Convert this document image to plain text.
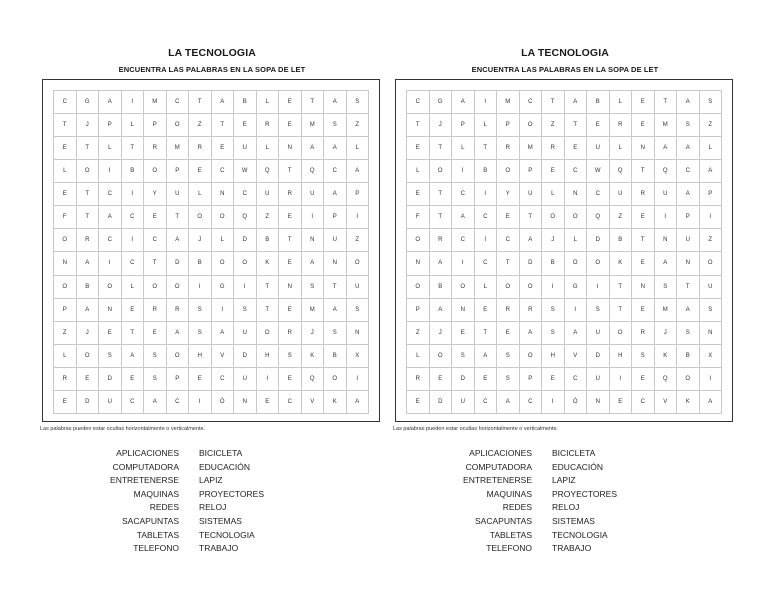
LA TECNOLOGIA
ENCUENTRA LAS PALABRAS EN LA SOPA DE LET
C	G	A	I	M	C	T	A	B	L	E	T	A	S
T	J	P	L	P	O	Z	T	E	R	E	M	S	Z
E	T	L	T	R	M	R	E	U	L	N	A	A	L
L	O	I	B	O	P	E	C	W	Q	T	Q	C	A
E	T	C	I	Y	U	L	N	C	U	R	U	A	P
F	T	A	C	E	T	O	O	Q	Z	E	I	P	I
O	R	C	I	C	A	J	L	D	B	T	N	U	Z
N	A	I	C	T	D	B	O	O	K	E	A	N	O
O	B	O	L	O	O	I	G	I	T	N	S	T	U
P	A	N	E	R	R	S	I	S	T	E	M	A	S
Z	J	E	T	E	A	S	A	U	O	R	J	S	N
L	O	S	A	S	O	H	V	D	H	S	K	B	X
R	E	D	E	S	P	E	C	U	I	E	Q	O	I
E	D	U	C	A	C	I	Ó	N	E	C	V	K	A
Las palabras pueden estar ocultas horizontalmente o verticalmente.
APLICACIONES
COMPUTADORA
ENTRETENERSE
MAQUINAS
REDES
SACAPUNTAS
TABLETAS
TELEFONO
BICICLETA
EDUCACIÓN
LAPIZ
PROYECTORES
RELOJ
SISTEMAS
TECNOLOGIA
TRABAJO
LA TECNOLOGIA
ENCUENTRA LAS PALABRAS EN LA SOPA DE LET
C	G	A	I	M	C	T	A	B	L	E	T	A	S
T	J	P	L	P	O	Z	T	E	R	E	M	S	Z
E	T	L	T	R	M	R	E	U	L	N	A	A	L
L	O	I	B	O	P	E	C	W	Q	T	Q	C	A
E	T	C	I	Y	U	L	N	C	U	R	U	A	P
F	T	A	C	E	T	O	O	Q	Z	E	I	P	I
O	R	C	I	C	A	J	L	D	B	T	N	U	Z
N	A	I	C	T	D	B	O	O	K	E	A	N	O
O	B	O	L	O	O	I	G	I	T	N	S	T	U
P	A	N	E	R	R	S	I	S	T	E	M	A	S
Z	J	E	T	E	A	S	A	U	O	R	J	S	N
L	O	S	A	S	O	H	V	D	H	S	K	B	X
R	E	D	E	S	P	E	C	U	I	E	Q	O	I
E	D	U	C	A	C	I	Ó	N	E	C	V	K	A
Las palabras pueden estar ocultas horizontalmente o verticalmente.
APLICACIONES
COMPUTADORA
ENTRETENERSE
MAQUINAS
REDES
SACAPUNTAS
TABLETAS
TELEFONO
BICICLETA
EDUCACIÓN
LAPIZ
PROYECTORES
RELOJ
SISTEMAS
TECNOLOGIA
TRABAJO
